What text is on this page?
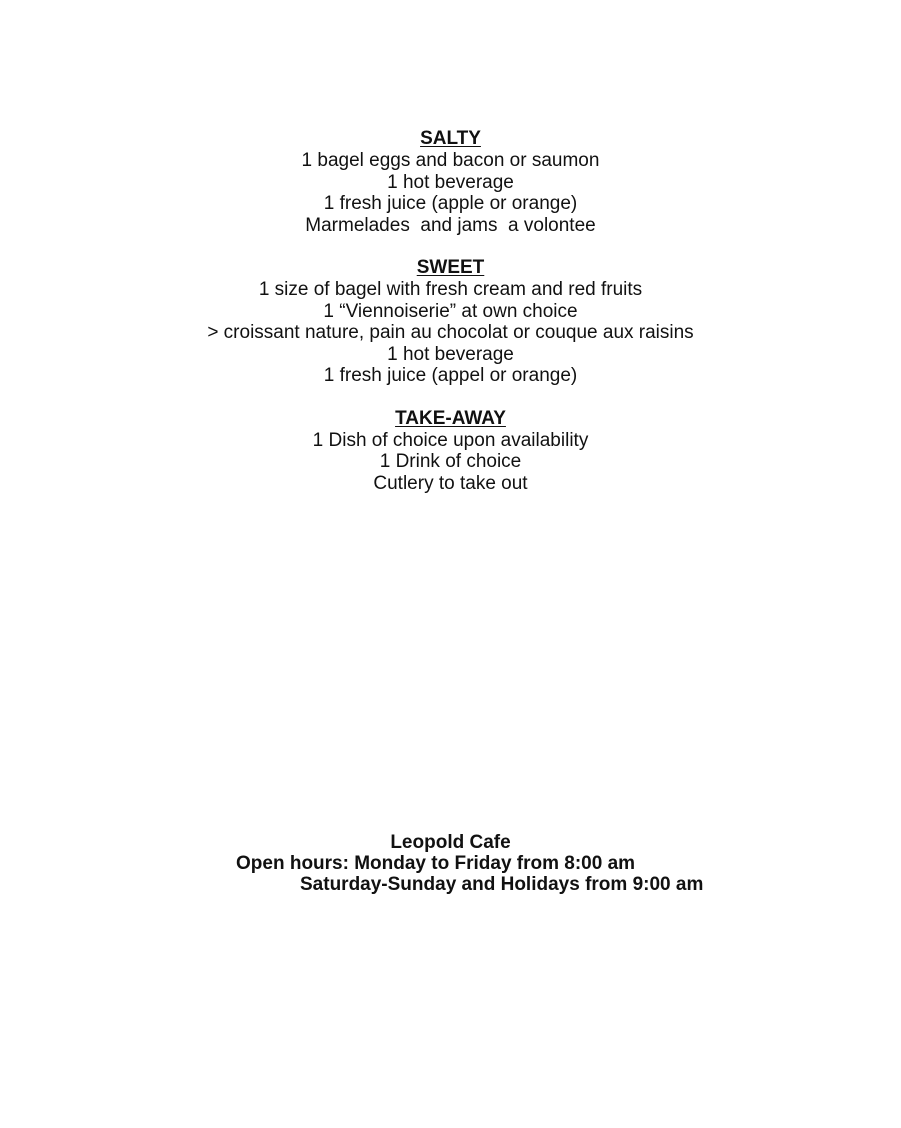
SALTY

1 bagel eggs and bacon or saumon

1 hot beverage

1 fresh juice (apple or orange)

Marmelades  and jams  a volontee

SWEET

1 size of bagel with fresh cream and red fruits

1 “Viennoiserie” at own choice

> croissant nature, pain au chocolat or couque aux raisins

1 hot beverage

1 fresh juice (appel or orange)

TAKE-AWAY

1 Dish of choice upon availability

1 Drink of choice

Cutlery to take out

Leopold Cafe

Open hours: Monday to Friday from 8:00 am

Saturday-Sunday and Holidays from 9:00 am
